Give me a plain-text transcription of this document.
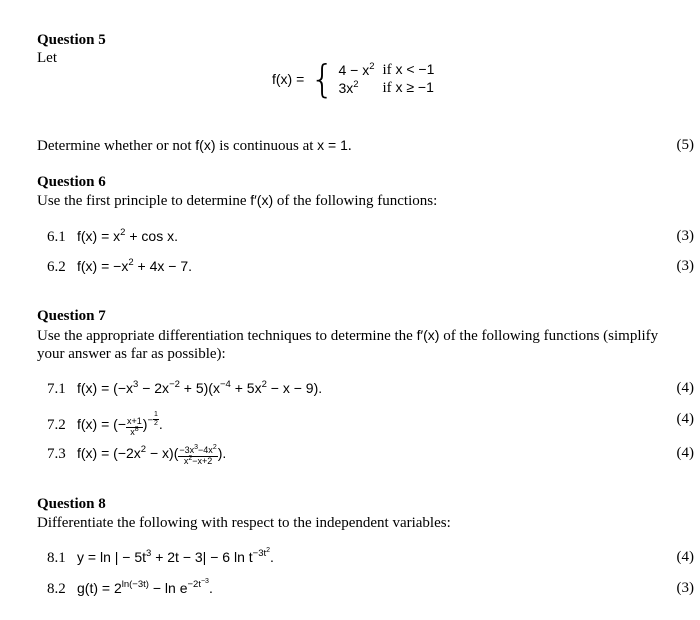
Question 5
Let
f(x) = { $4 - x^2$	if x < −1
$3x^2$	if x ≥ −1
Determine whether or not f(x) is continuous at x = 1.	(5)
Question 6
Use the first principle to determine f′(x) of the following functions:
6.1 $f(x) = x^2 + \cos x$.	(3)
6.2 $f(x) = -x^2 + 4x - 7$.	(3)
Question 7
Use the appropriate differentiation techniques to determine the f′(x) of the following functions (simplify
your answer as far as possible):
7.1 $f(x) = (-x^3 - 2x^{-2} + 5)(x^{-4} + 5x^2 - x - 9)$.	(4)
7.2 f(x) = (− $\frac{x+1}{x^8} )^{- \frac{1}{2}}$ .	(4)
7.3 $f(x) = (-2x^2 - x)( \frac{-3x^3-4x^2}{x^2-x+2}$ ).	(4)
Question 8
Differentiate the following with respect to the independent variables:
8.1 y = ln | − $5t^3 + 2t - 3| - 6$ $\ln t^{-3t^2}$.	(4)
8.2 $g(t) = 2^{ln(-3t)} - \ln e^{-2t^{-3}}$.	(3)
